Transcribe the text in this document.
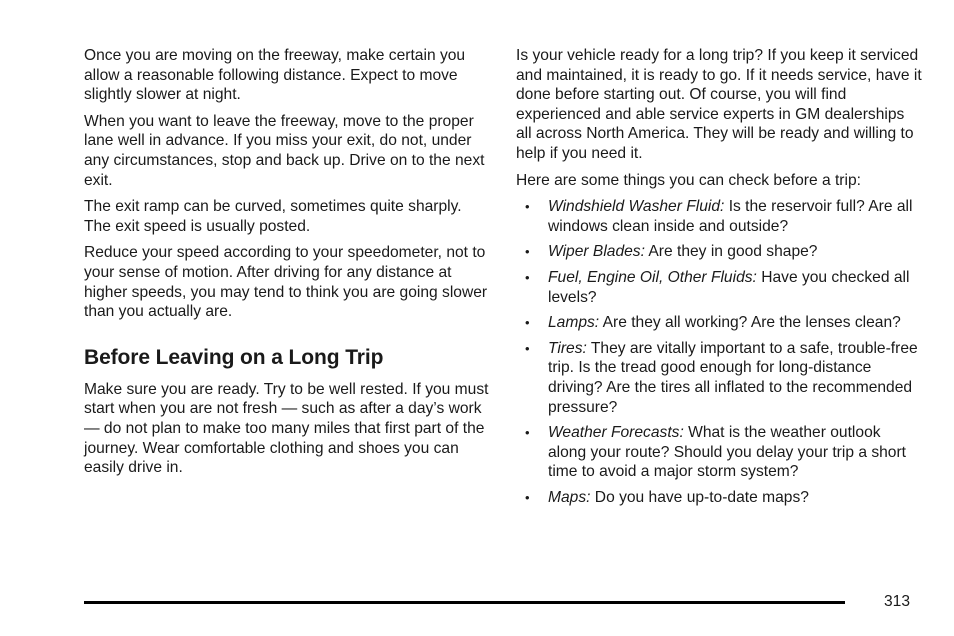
Once you are moving on the freeway, make certain you allow a reasonable following distance. Expect to move slightly slower at night.

When you want to leave the freeway, move to the proper lane well in advance. If you miss your exit, do not, under any circumstances, stop and back up. Drive on to the next exit.

The exit ramp can be curved, sometimes quite sharply. The exit speed is usually posted.

Reduce your speed according to your speedometer, not to your sense of motion. After driving for any distance at higher speeds, you may tend to think you are going slower than you actually are.

Before Leaving on a Long Trip

Make sure you are ready. Try to be well rested. If you must start when you are not fresh — such as after a day’s work — do not plan to make too many miles that first part of the journey. Wear comfortable clothing and shoes you can easily drive in.

Is your vehicle ready for a long trip? If you keep it serviced and maintained, it is ready to go. If it needs service, have it done before starting out. Of course, you will find experienced and able service experts in GM dealerships all across North America. They will be ready and willing to help if you need it.

Here are some things you can check before a trip:

• Windshield Washer Fluid: Is the reservoir full? Are all windows clean inside and outside?
• Wiper Blades: Are they in good shape?
• Fuel, Engine Oil, Other Fluids: Have you checked all levels?
• Lamps: Are they all working? Are the lenses clean?
• Tires: They are vitally important to a safe, trouble-free trip. Is the tread good enough for long-distance driving? Are the tires all inflated to the recommended pressure?
• Weather Forecasts: What is the weather outlook along your route? Should you delay your trip a short time to avoid a major storm system?
• Maps: Do you have up-to-date maps?
313
